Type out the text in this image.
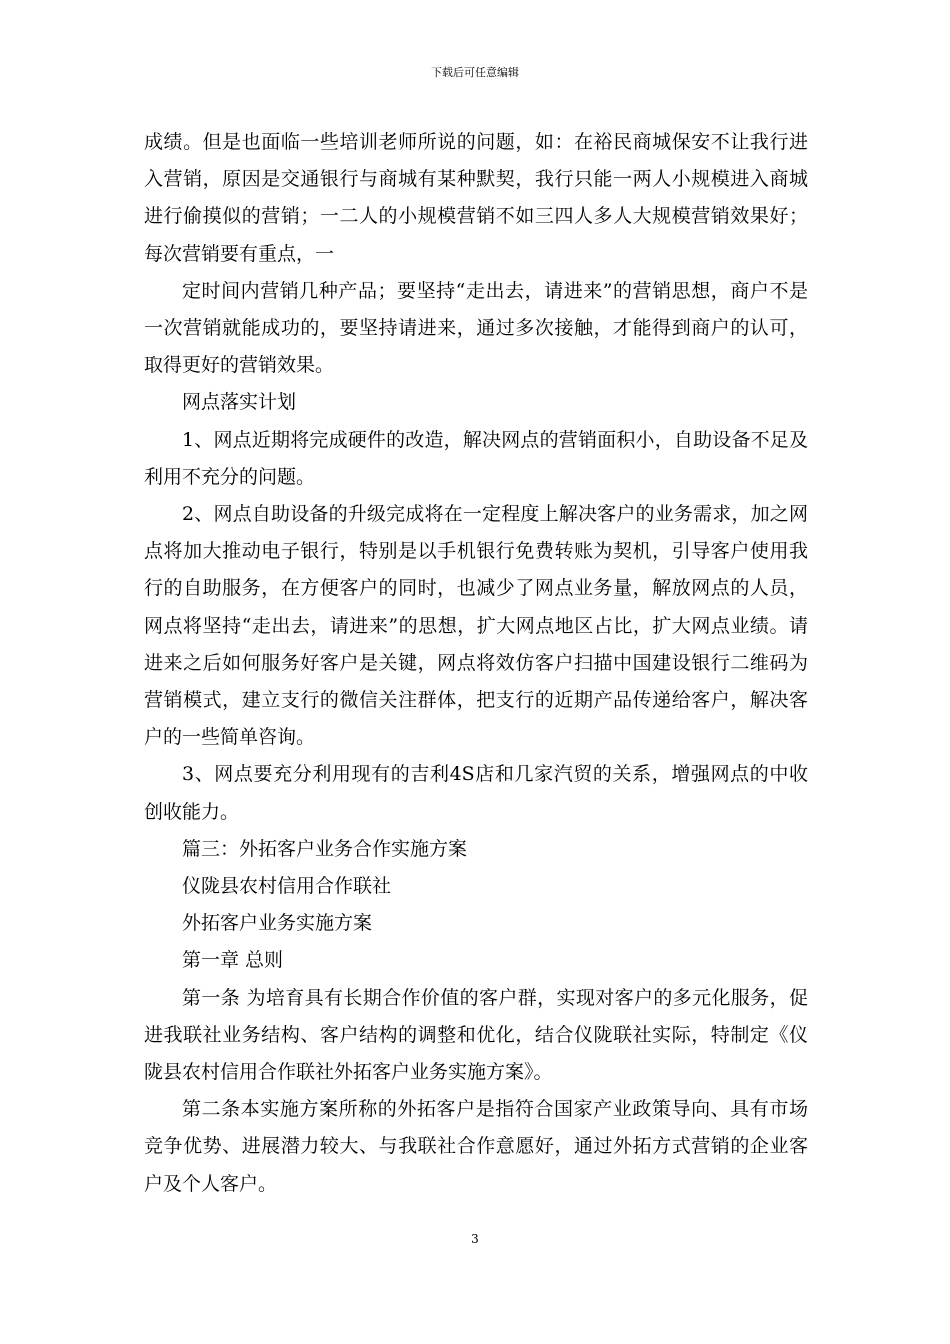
下载后可任意编辑

成绩。但是也面临一些培训老师所说的问题，如：在裕民商城保安不让我行进入营销，原因是交通银行与商城有某种默契，我行只能一两人小规模进入商城进行偷摸似的营销；一二人的小规模营销不如三四人多人大规模营销效果好；每次营销要有重点，一

定时间内营销几种产品；要坚持“走出去，请进来”的营销思想，商户不是一次营销就能成功的，要坚持请进来，通过多次接触，才能得到商户的认可，取得更好的营销效果。

网点落实计划

1、网点近期将完成硬件的改造，解决网点的营销面积小，自助设备不足及利用不充分的问题。

2、网点自助设备的升级完成将在一定程度上解决客户的业务需求，加之网点将加大推动电子银行，特别是以手机银行免费转账为契机，引导客户使用我行的自助服务，在方便客户的同时，也减少了网点业务量，解放网点的人员，网点将坚持“走出去，请进来”的思想，扩大网点地区占比，扩大网点业绩。请进来之后如何服务好客户是关键，网点将效仿客户扫描中国建设银行二维码为营销模式，建立支行的微信关注群体，把支行的近期产品传递给客户，解决客户的一些简单咨询。

3、网点要充分利用现有的吉利4S店和几家汽贸的关系，增强网点的中收创收能力。

篇三：外拓客户业务合作实施方案

仪陇县农村信用合作联社

外拓客户业务实施方案

第一章 总则

第一条 为培育具有长期合作价值的客户群，实现对客户的多元化服务，促进我联社业务结构、客户结构的调整和优化，结合仪陇联社实际，特制定《仪陇县农村信用合作联社外拓客户业务实施方案》。

第二条本实施方案所称的外拓客户是指符合国家产业政策导向、具有市场竞争优势、进展潜力较大、与我联社合作意愿好，通过外拓方式营销的企业客户及个人客户。

3
